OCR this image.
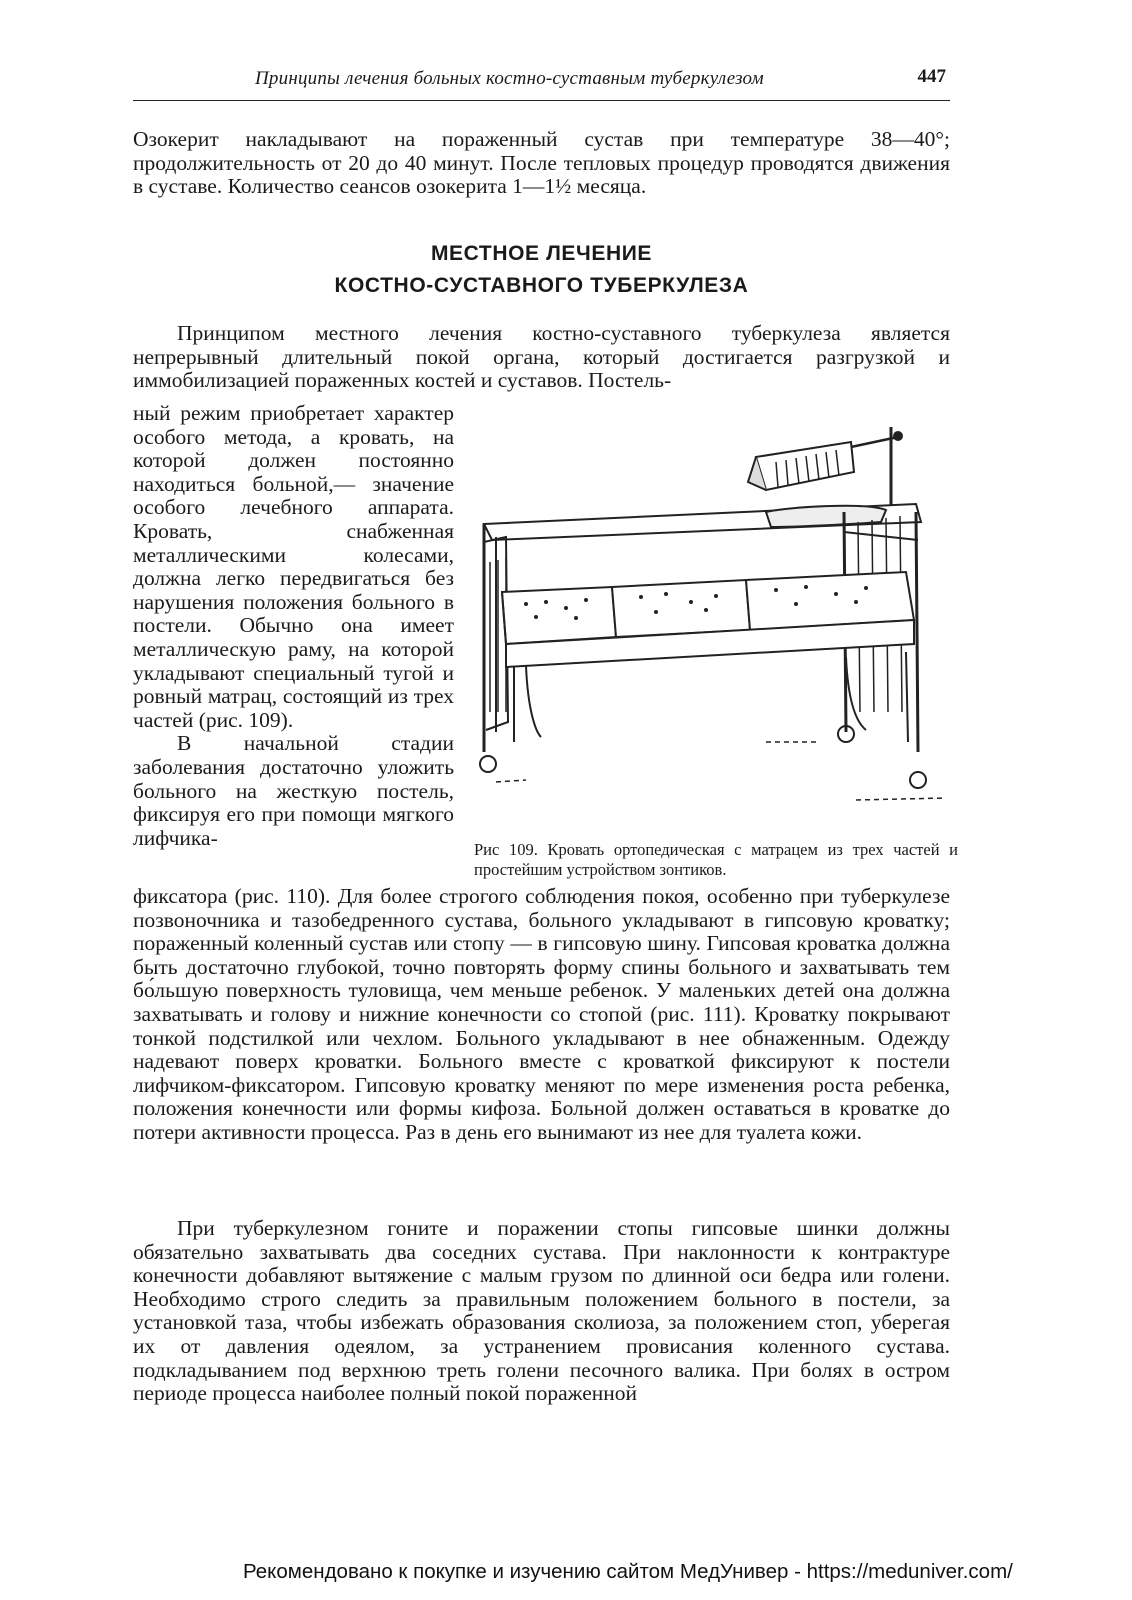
Принципы лечения больных костно-суставным туберкулезом	447

Озокерит накладывают на пораженный сустав при температуре 38—40°; продолжительность от 20 до 40 минут. После тепловых процедур проводятся движения в суставе. Количество сеансов озокерита 1—1½ месяца.

МЕСТНОЕ ЛЕЧЕНИЕ
КОСТНО-СУСТАВНОГО ТУБЕРКУЛЕЗА

Принципом местного лечения костно-суставного туберкулеза является непрерывный длительный покой органа, который достигается разгрузкой и иммобилизацией пораженных костей и суставов. Постель-

ный режим приобретает характер особого метода, а кровать, на которой должен постоянно находиться больной,— значение особого лечебного аппарата. Кровать, снабженная металлическими колесами, должна легко передвигаться без нарушения положения больного в постели. Обычно она имеет металлическую раму, на которой укладывают специальный тугой и ровный матрац, состоящий из трех частей (рис. 109).

В начальной стадии заболевания достаточно уложить больного на жесткую постель, фиксируя его при помощи мягкого лифчика-	Рис 109. Кровать ортопедическая с матрацем из трех частей и простейшим устройством зонтиков.

фиксатора (рис. 110). Для более строгого соблюдения покоя, особенно при туберкулезе позвоночника и тазобедренного сустава, больного укладывают в гипсовую кроватку; пораженный коленный сустав или стопу — в гипсовую шину. Гипсовая кроватка должна быть достаточно глубокой, точно повторять форму спины больного и захватывать тем бо́льшую поверхность туловища, чем меньше ребенок. У маленьких детей она должна захватывать и голову и нижние конечности со стопой (рис. 111). Кроватку покрывают тонкой подстилкой или чехлом. Больного укладывают в нее обнаженным. Одежду надевают поверх кроватки. Больного вместе с кроваткой фиксируют к постели лифчиком-фиксатором. Гипсовую кроватку меняют по мере изменения роста ребенка, положения конечности или формы кифоза. Больной должен оставаться в кроватке до потери активности процесса. Раз в день его вынимают из нее для туалета кожи.

При туберкулезном гоните и поражении стопы гипсовые шинки должны обязательно захватывать два соседних сустава. При наклонности к контрактуре конечности добавляют вытяжение с малым грузом по длинной оси бедра или голени. Необходимо строго следить за правильным положением больного в постели, за установкой таза, чтобы избежать образования сколиоза, за положением стоп, уберегая их от давления одеялом, за устранением провисания коленного сустава. подкладыванием под верхнюю треть голени песочного валика. При болях в остром периоде процесса наиболее полный покой пораженной

Рекомендовано к покупке и изучению сайтом МедУнивер - https://meduniver.com/
